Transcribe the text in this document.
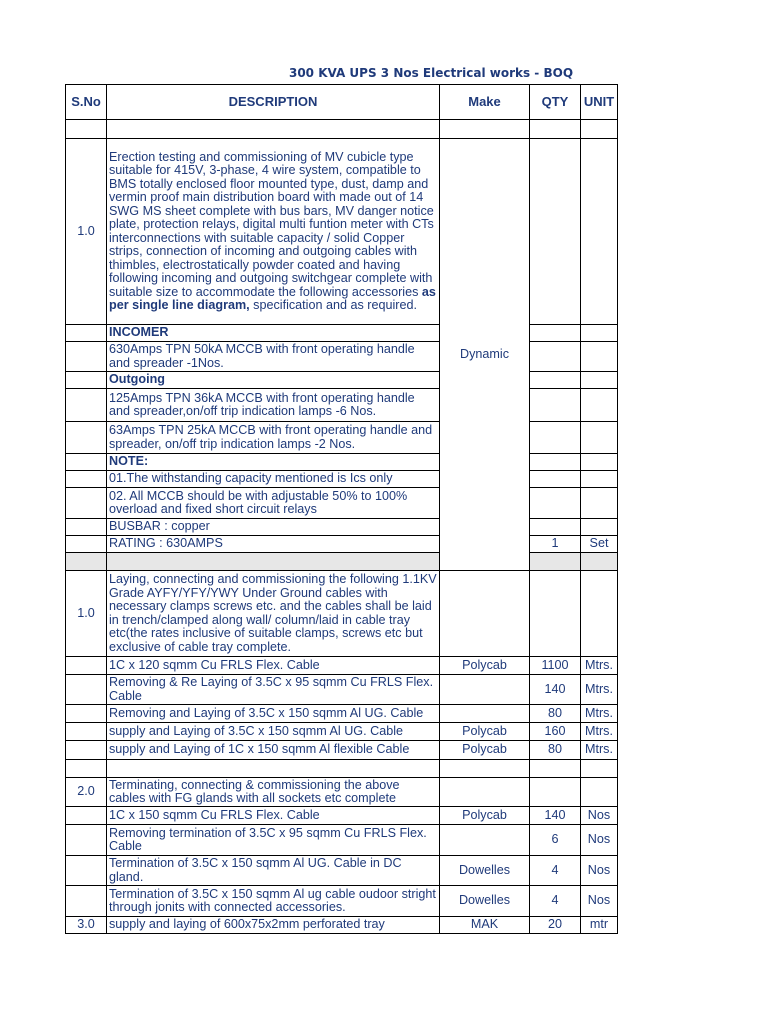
300 KVA UPS 3 Nos Electrical works - BOQ
S.No	DESCRIPTION	Make	QTY	UNIT

1.0	Erection testing and commissioning of MV cubicle type suitable for 415V, 3-phase, 4 wire system, compatible to BMS totally enclosed floor mounted type, dust, damp and vermin proof main distribution board with made out of 14 SWG MS sheet complete with bus bars, MV danger notice plate, protection relays, digital multi funtion meter with CTs interconnections with suitable capacity / solid Copper strips, connection of incoming and outgoing cables with thimbles, electrostatically powder coated and having following incoming and outgoing switchgear complete with suitable size to accommodate the following accessories as per single line diagram, specification and as required.	Dynamic		
	INCOMER			
	630Amps TPN 50kA MCCB with front operating handle and spreader -1Nos.			
	Outgoing			
	125Amps TPN 36kA MCCB with front operating handle and spreader,on/off trip indication lamps -6 Nos.			
	63Amps TPN 25kA MCCB with front operating handle and spreader, on/off trip indication lamps -2 Nos.			
	NOTE:			
	01.The withstanding capacity mentioned is Ics only			
	02. All MCCB should be with adjustable 50% to 100% overload and fixed short circuit relays			
	BUSBAR : copper			
	RATING : 630AMPS		1	Set

1.0	Laying, connecting and commissioning the following 1.1KV Grade AYFY/YFY/YWY Under Ground cables with necessary clamps screws etc. and the cables shall be laid in trench/clamped along wall/ column/laid in cable tray etc(the rates inclusive of suitable clamps, screws etc but exclusive of cable tray complete.			
	1C x 120 sqmm Cu FRLS Flex. Cable	Polycab	1100	Mtrs.
	Removing & Re Laying of 3.5C x 95 sqmm Cu FRLS Flex. Cable		140	Mtrs.
	Removing and Laying of 3.5C x 150 sqmm Al UG. Cable		80	Mtrs.
	supply and Laying of 3.5C x 150 sqmm Al UG. Cable	Polycab	160	Mtrs.
	supply and Laying of 1C x 150 sqmm Al flexible Cable	Polycab	80	Mtrs.

2.0	Terminating, connecting & commissioning the above cables with FG glands with all sockets etc complete			
	1C x 150 sqmm Cu FRLS Flex. Cable	Polycab	140	Nos
	Removing termination of 3.5C x 95 sqmm Cu FRLS Flex. Cable		6	Nos
	Termination of 3.5C x 150 sqmm Al UG. Cable in DC gland.	Dowelles	4	Nos
	Termination of 3.5C x 150 sqmm Al ug cable oudoor stright through jonits with connected accessories.	Dowelles	4	Nos
3.0	supply and laying of 600x75x2mm perforated tray	MAK	20	mtr
